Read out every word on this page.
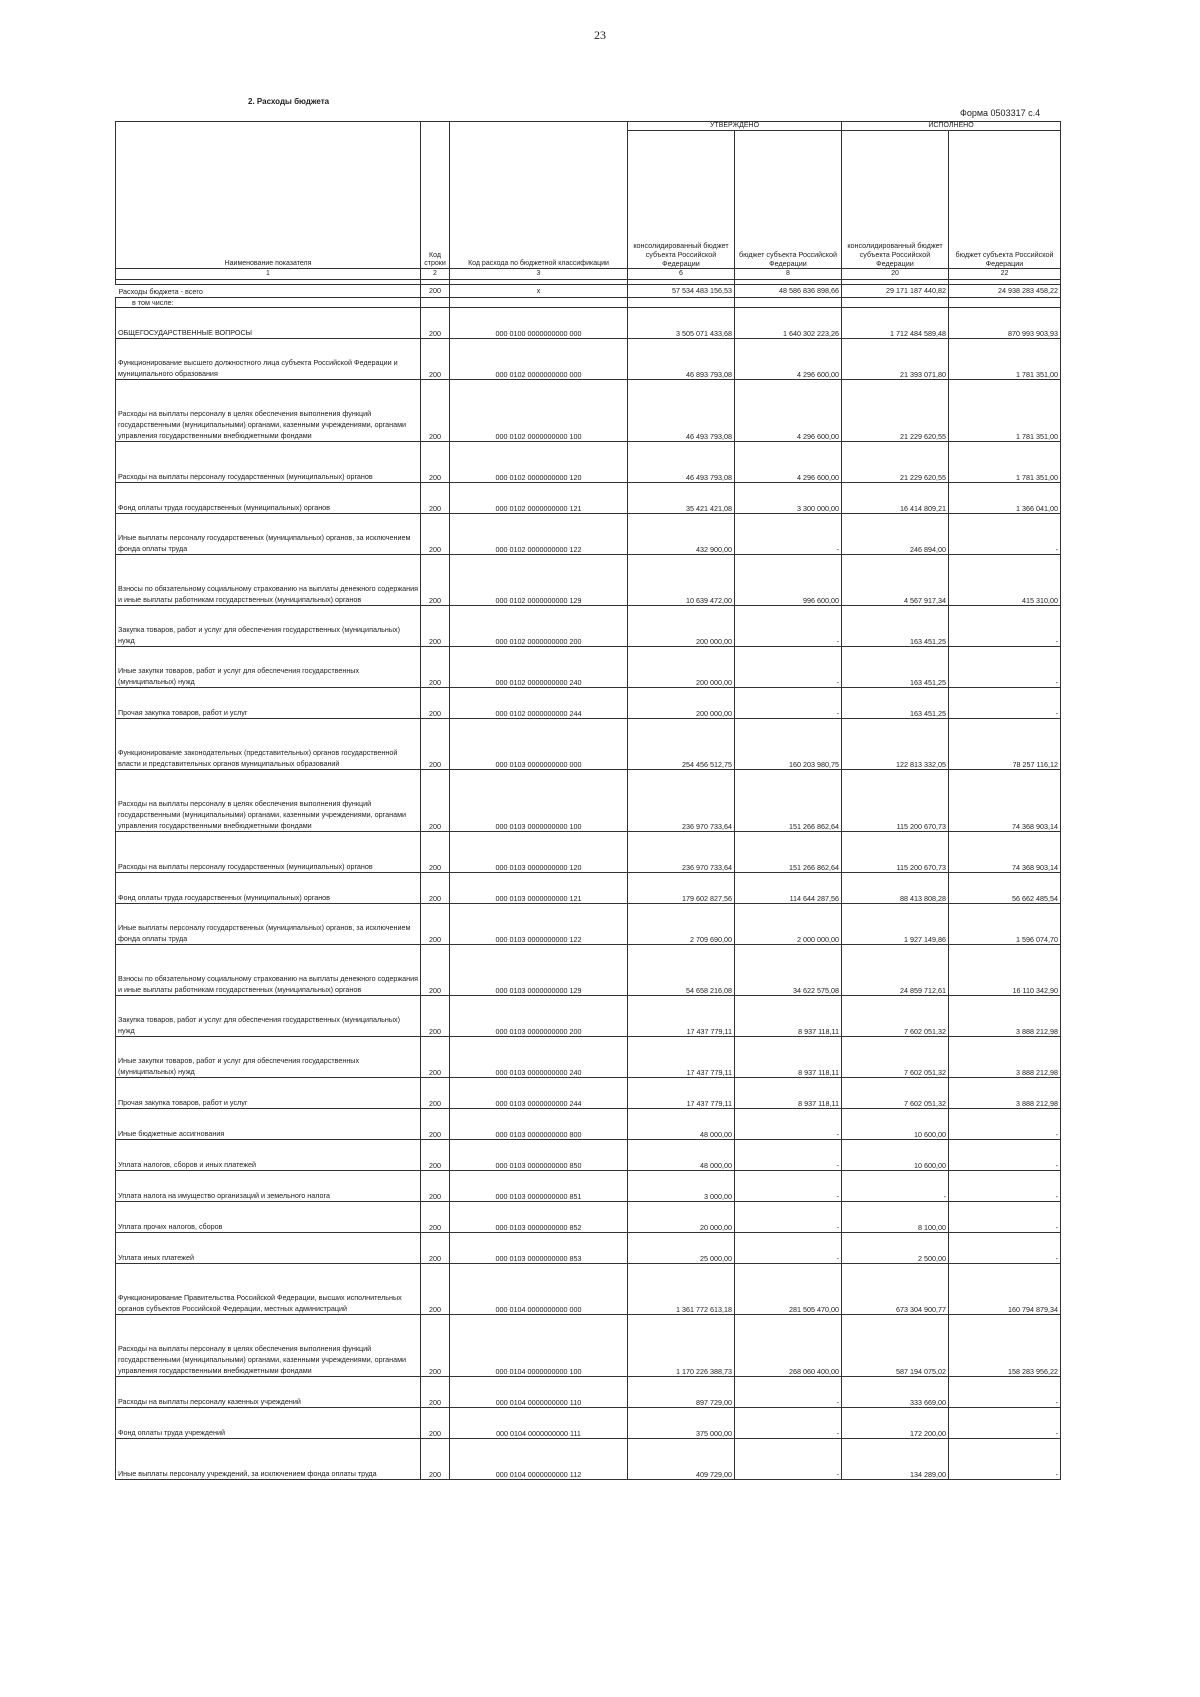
23
2. Расходы бюджета
Форма 0503317 с.4
Наименование показателя	Код строки	Код расхода по бюджетной классификации	УТВЕРЖДЕНО		ИСПОЛНЕНО	
			консолидированный бюджет субъекта Российской Федерации	бюджет субъекта Российской Федерации	консолидированный бюджет субъекта Российской Федерации	бюджет субъекта Российской Федерации
1	2	3	6	8	20	22

Расходы бюджета - всего	200	x	57 534 483 156,53	48 586 836 898,66	29 171 187 440,82	24 938 283 458,22
в том числе:						
ОБЩЕГОСУДАРСТВЕННЫЕ ВОПРОСЫ	200	000 0100 0000000000 000	3 505 071 433,68	1 640 302 223,26	1 712 484 589,48	870 993 903,93
Функционирование высшего должностного лица субъекта Российской Федерации и муниципального образования	200	000 0102 0000000000 000	46 893 793,08	4 296 600,00	21 393 071,80	1 781 351,00
Расходы на выплаты персоналу в целях обеспечения выполнения функций государственными (муниципальными) органами, казенными учреждениями, органами управления государственными внебюджетными фондами	200	000 0102 0000000000 100	46 493 793,08	4 296 600,00	21 229 620,55	1 781 351,00
Расходы на выплаты персоналу государственных (муниципальных) органов	200	000 0102 0000000000 120	46 493 793,08	4 296 600,00	21 229 620,55	1 781 351,00
Фонд оплаты труда государственных (муниципальных) органов	200	000 0102 0000000000 121	35 421 421,08	3 300 000,00	16 414 809,21	1 366 041,00
Иные выплаты персоналу государственных (муниципальных) органов, за исключением фонда оплаты труда	200	000 0102 0000000000 122	432 900,00	-	246 894,00	-
Взносы по обязательному социальному страхованию на выплаты денежного содержания и иные выплаты работникам государственных (муниципальных) органов	200	000 0102 0000000000 129	10 639 472,00	996 600,00	4 567 917,34	415 310,00
Закупка товаров, работ и услуг для обеспечения государственных (муниципальных) нужд	200	000 0102 0000000000 200	200 000,00	-	163 451,25	-
Иные закупки товаров, работ и услуг для обеспечения государственных (муниципальных) нужд	200	000 0102 0000000000 240	200 000,00	-	163 451,25	-
Прочая закупка товаров, работ и услуг	200	000 0102 0000000000 244	200 000,00	-	163 451,25	-
Функционирование законодательных (представительных) органов государственной власти и представительных органов муниципальных образований	200	000 0103 0000000000 000	254 456 512,75	160 203 980,75	122 813 332,05	78 257 116,12
Расходы на выплаты персоналу в целях обеспечения выполнения функций государственными (муниципальными) органами, казенными учреждениями, органами управления государственными внебюджетными фондами	200	000 0103 0000000000 100	236 970 733,64	151 266 862,64	115 200 670,73	74 368 903,14
Расходы на выплаты персоналу государственных (муниципальных) органов	200	000 0103 0000000000 120	236 970 733,64	151 266 862,64	115 200 670,73	74 368 903,14
Фонд оплаты труда государственных (муниципальных) органов	200	000 0103 0000000000 121	179 602 827,56	114 644 287,56	88 413 808,28	56 662 485,54
Иные выплаты персоналу государственных (муниципальных) органов, за исключением фонда оплаты труда	200	000 0103 0000000000 122	2 709 690,00	2 000 000,00	1 927 149,86	1 596 074,70
Взносы по обязательному социальному страхованию на выплаты денежного содержания и иные выплаты работникам государственных (муниципальных) органов	200	000 0103 0000000000 129	54 658 216,08	34 622 575,08	24 859 712,61	16 110 342,90
Закупка товаров, работ и услуг для обеспечения государственных (муниципальных) нужд	200	000 0103 0000000000 200	17 437 779,11	8 937 118,11	7 602 051,32	3 888 212,98
Иные закупки товаров, работ и услуг для обеспечения государственных (муниципальных) нужд	200	000 0103 0000000000 240	17 437 779,11	8 937 118,11	7 602 051,32	3 888 212,98
Прочая закупка товаров, работ и услуг	200	000 0103 0000000000 244	17 437 779,11	8 937 118,11	7 602 051,32	3 888 212,98
Иные бюджетные ассигнования	200	000 0103 0000000000 800	48 000,00	-	10 600,00	-
Уплата налогов, сборов и иных платежей	200	000 0103 0000000000 850	48 000,00	-	10 600,00	-
Уплата налога на имущество организаций и земельного налога	200	000 0103 0000000000 851	3 000,00	-	-	-
Уплата прочих налогов, сборов	200	000 0103 0000000000 852	20 000,00	-	8 100,00	-
Уплата иных платежей	200	000 0103 0000000000 853	25 000,00	-	2 500,00	-
Функционирование Правительства Российской Федерации, высших исполнительных органов субъектов Российской Федерации, местных администраций	200	000 0104 0000000000 000	1 361 772 613,18	281 505 470,00	673 304 900,77	160 794 879,34
Расходы на выплаты персоналу в целях обеспечения выполнения функций государственными (муниципальными) органами, казенными учреждениями, органами управления государственными внебюджетными фондами	200	000 0104 0000000000 100	1 170 226 388,73	268 060 400,00	587 194 075,02	158 283 956,22
Расходы на выплаты персоналу казенных учреждений	200	000 0104 0000000000 110	897 729,00	-	333 669,00	-
Фонд оплаты труда учреждений	200	000 0104 0000000000 111	375 000,00	-	172 200,00	-
Иные выплаты персоналу учреждений, за исключением фонда оплаты труда	200	000 0104 0000000000 112	409 729,00	-	134 289,00	-
